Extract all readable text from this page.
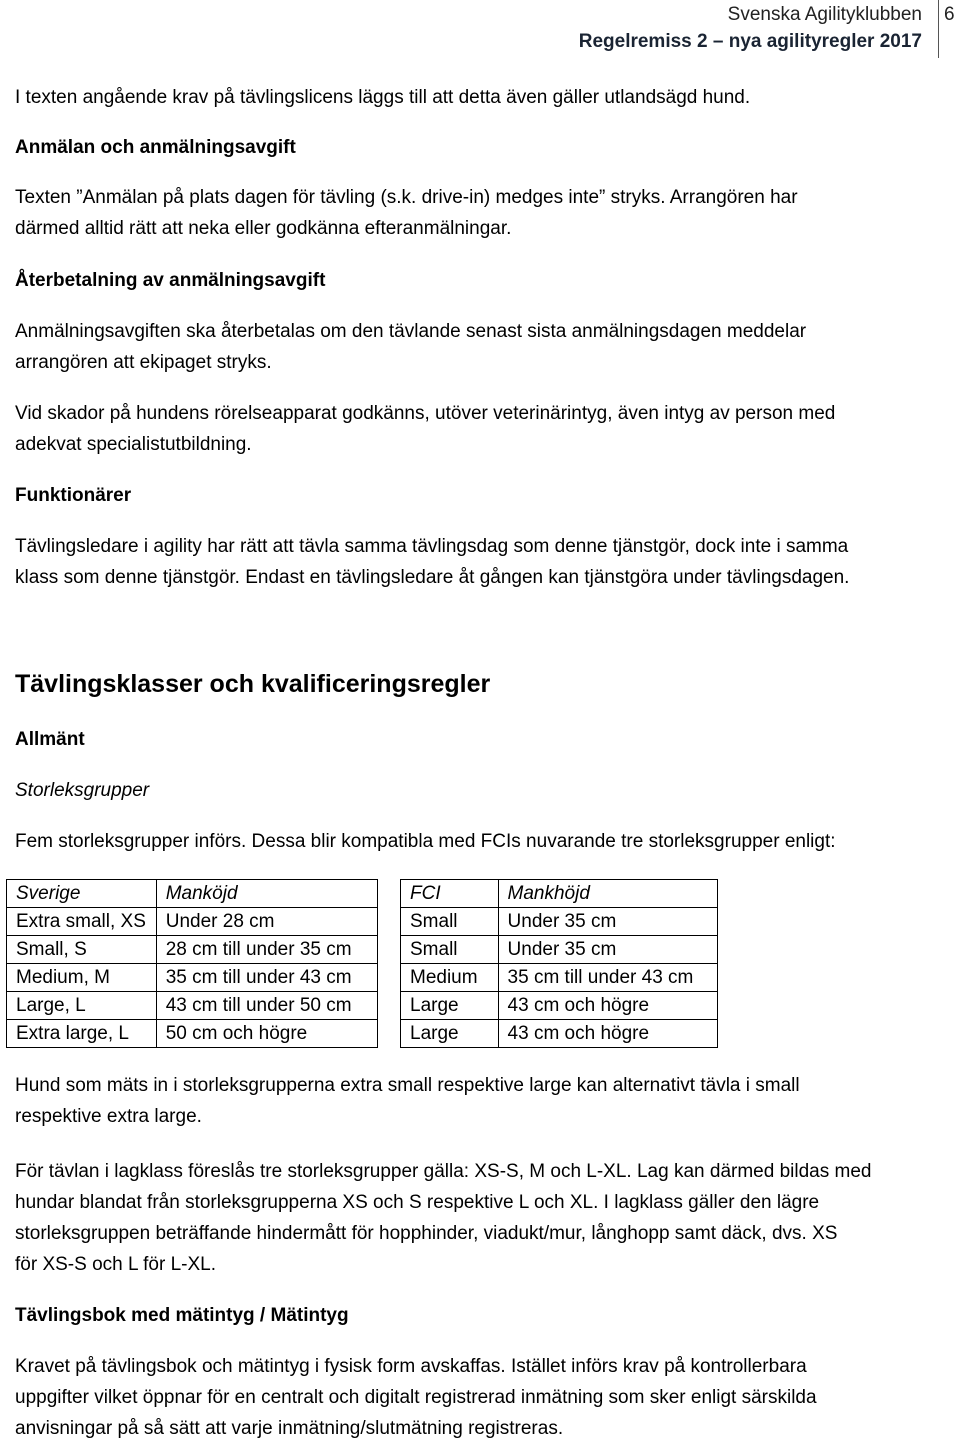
Svenska Agilityklubben
Regelremiss 2 – nya agilityregler 2017
6

I texten angående krav på tävlingslicens läggs till att detta även gäller utlandsägd hund.

Anmälan och anmälningsavgift

Texten ”Anmälan på plats dagen för tävling (s.k. drive-in) medges inte” stryks. Arrangören har

därmed alltid rätt att neka eller godkänna efteranmälningar.

Återbetalning av anmälningsavgift

Anmälningsavgiften ska återbetalas om den tävlande senast sista anmälningsdagen meddelar

arrangören att ekipaget stryks.

Vid skador på hundens rörelseapparat godkänns, utöver veterinärintyg, även intyg av person med

adekvat specialistutbildning.

Funktionärer

Tävlingsledare i agility har rätt att tävla samma tävlingsdag som denne tjänstgör, dock inte i samma

klass som denne tjänstgör. Endast en tävlingsledare åt gången kan tjänstgöra under tävlingsdagen.

Tävlingsklasser och kvalificeringsregler

Allmänt

Storleksgrupper

Fem storleksgrupper införs. Dessa blir kompatibla med FCIs nuvarande tre storleksgrupper enligt:

Sverige	Manköjd
Extra small, XS	Under 28 cm
Small, S	28 cm till under 35 cm
Medium, M	35 cm till under 43 cm
Large, L	43 cm till under 50 cm
Extra large, L	50 cm och högre
FCI	Mankhöjd
Small	Under 35 cm
Small	Under 35 cm
Medium	35 cm till under 43 cm
Large	43 cm och högre
Large	43 cm och högre

Hund som mäts in i storleksgrupperna extra small respektive large kan alternativt tävla i small

respektive extra large.

För tävlan i lagklass föreslås tre storleksgrupper gälla: XS-S, M och L-XL. Lag kan därmed bildas med

hundar blandat från storleksgrupperna XS och S respektive L och XL. I lagklass gäller den lägre

storleksgruppen beträffande hindermått för hopphinder, viadukt/mur, långhopp samt däck, dvs. XS

för XS-S och L för L-XL.

Tävlingsbok med mätintyg / Mätintyg

Kravet på tävlingsbok och mätintyg i fysisk form avskaffas. Istället införs krav på kontrollerbara

uppgifter vilket öppnar för en centralt och digitalt registrerad inmätning som sker enligt särskilda

anvisningar på så sätt att varje inmätning/slutmätning registreras.
